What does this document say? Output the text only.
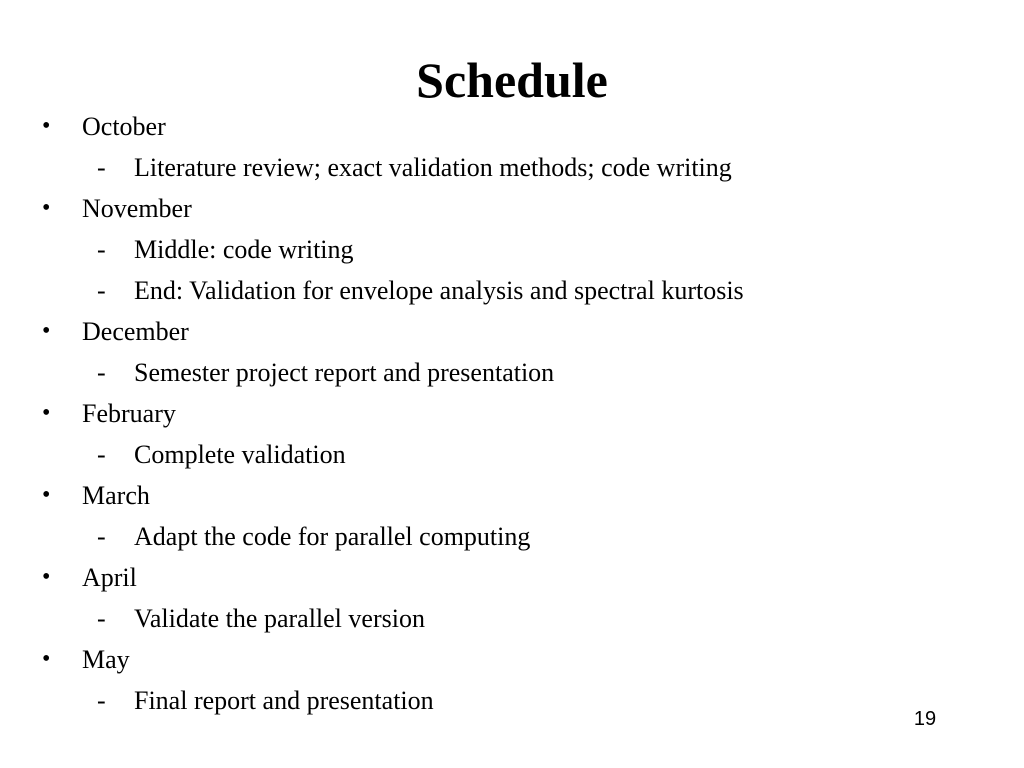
Schedule
• October
- Literature review; exact validation methods; code writing
• November
- Middle: code writing
- End: Validation for envelope analysis and spectral kurtosis
• December
- Semester project report and presentation
• February
- Complete validation
• March
- Adapt the code for parallel computing
• April
- Validate the parallel version
• May
- Final report and presentation
19
